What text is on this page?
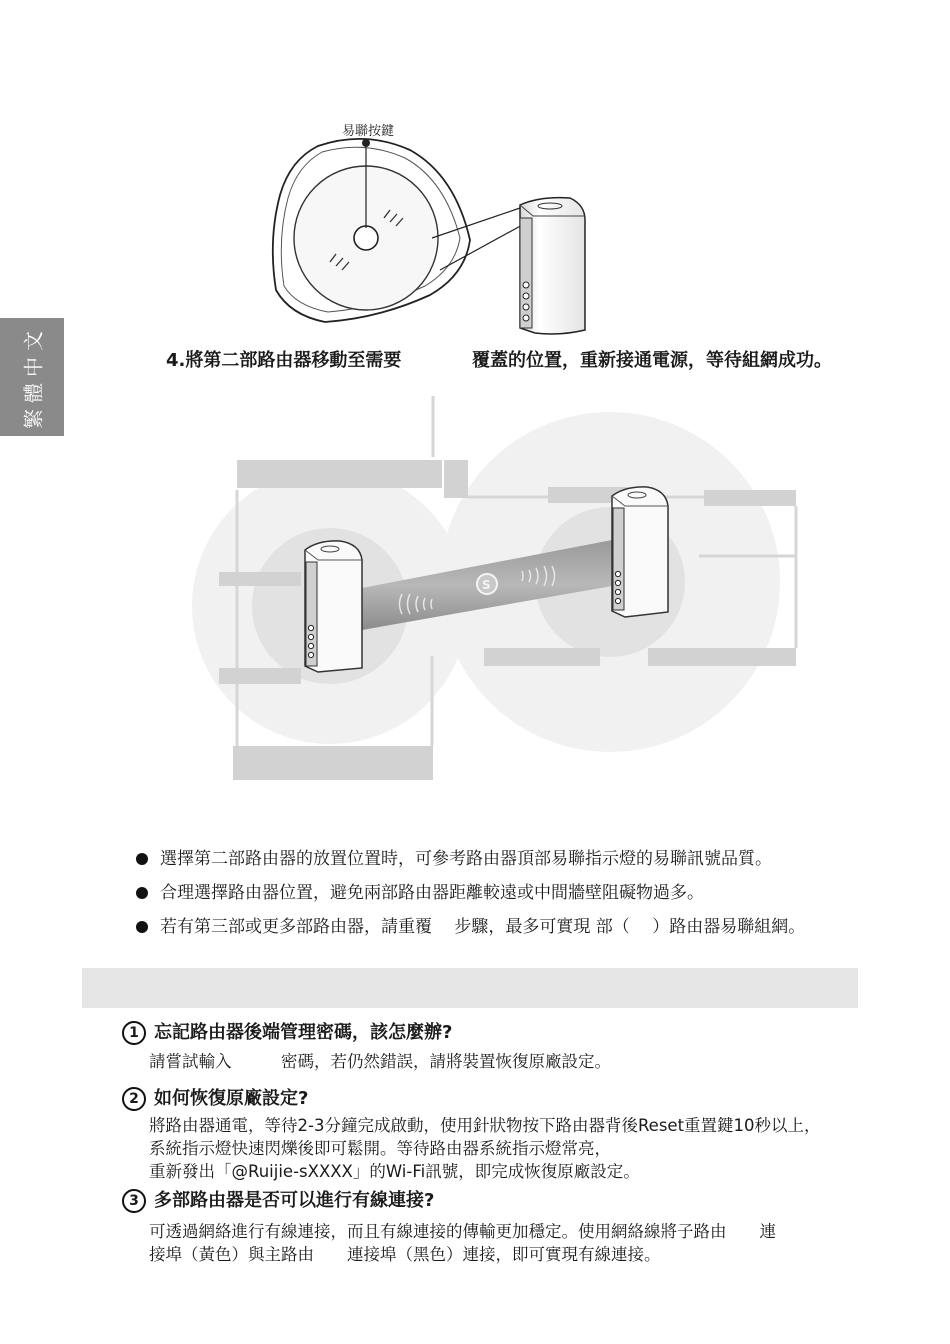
繁體中文
易聯按鍵
4.將第二部路由器移動至需要	覆蓋的位置，重新接通電源，等待組網成功。
S
選擇第二部路由器的放置位置時，可參考路由器頂部易聯指示燈的易聯訊號品質。
合理選擇路由器位置，避免兩部路由器距離較遠或中間牆壁阻礙物過多。
若有第三部或更多部路由器，請重覆　 步驟，最多可實現 部（　 ）路由器易聯組網。
1 忘記路由器後端管理密碼，該怎麼辦?
請嘗試輸入　　　密碼，若仍然錯誤，請將裝置恢復原廠設定。
2 如何恢復原廠設定?
將路由器通電，等待2-3分鐘完成啟動，使用針狀物按下路由器背後Reset重置鍵10秒以上，
系統指示燈快速閃爍後即可鬆開。等待路由器系統指示燈常亮，
重新發出「@Ruijie-sXXXX」的Wi-Fi訊號，即完成恢復原廠設定。
3 多部路由器是否可以進行有線連接?
可透過網絡進行有線連接，而且有線連接的傳輸更加穩定。使用網絡線將子路由　　連
接埠（黃色）與主路由　　連接埠（黑色）連接，即可實現有線連接。
